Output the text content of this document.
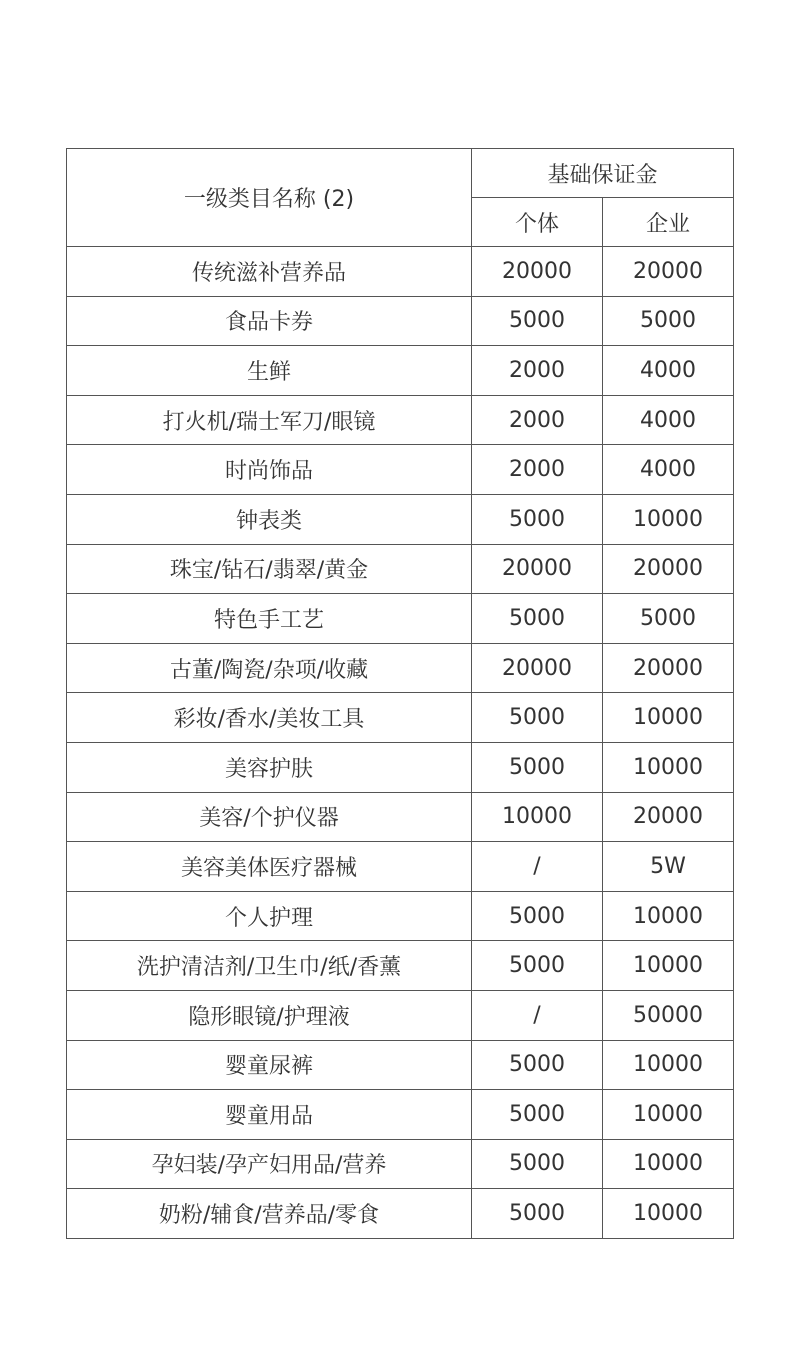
一级类目名称 (2)	基础保证金	
	个体	企业
传统滋补营养品	20000	20000
食品卡券	5000	5000
生鲜	2000	4000
打火机/瑞士军刀/眼镜	2000	4000
时尚饰品	2000	4000
钟表类	5000	10000
珠宝/钻石/翡翠/黄金	20000	20000
特色手工艺	5000	5000
古董/陶瓷/杂项/收藏	20000	20000
彩妆/香水/美妆工具	5000	10000
美容护肤	5000	10000
美容/个护仪器	10000	20000
美容美体医疗器械	/	5W
个人护理	5000	10000
洗护清洁剂/卫生巾/纸/香薰	5000	10000
隐形眼镜/护理液	/	50000
婴童尿裤	5000	10000
婴童用品	5000	10000
孕妇装/孕产妇用品/营养	5000	10000
奶粉/辅食/营养品/零食	5000	10000
